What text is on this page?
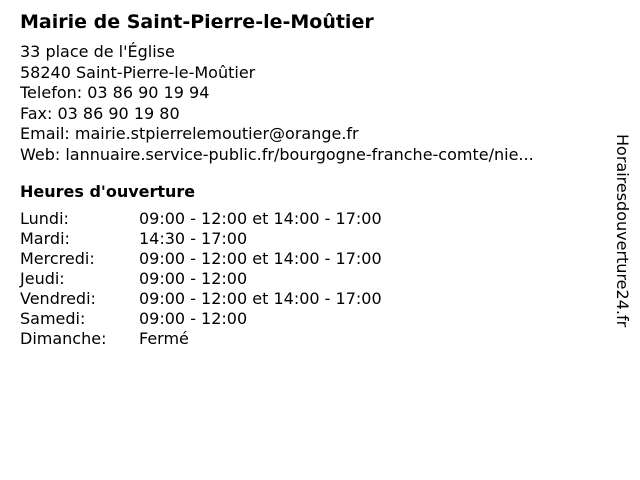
Mairie de Saint-Pierre-le-Moûtier
33 place de l'Église
58240 Saint-Pierre-le-Moûtier
Telefon: 03 86 90 19 94
Fax: 03 86 90 19 80
Email: mairie.stpierrelemoutier@orange.fr
Web: lannuaire.service-public.fr/bourgogne-franche-comte/nie...
Heures d'ouverture
Lundi:	09:00 - 12:00 et 14:00 - 17:00
Mardi:	14:30 - 17:00
Mercredi:	09:00 - 12:00 et 14:00 - 17:00
Jeudi:	09:00 - 12:00
Vendredi:	09:00 - 12:00 et 14:00 - 17:00
Samedi:	09:00 - 12:00
Dimanche:	Fermé
Horairesdouverture24.fr
